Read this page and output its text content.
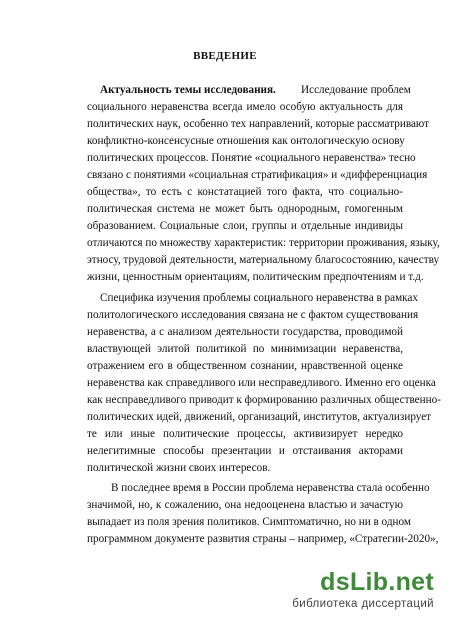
ВВЕДЕНИЕ
Актуальность темы исследования. Исследование проблем
социального неравенства всегда имело особую актуальность для
политических наук, особенно тех направлений, которые рассматривают
конфликтно-консенсусные отношения как онтологическую основу
политических процессов. Понятие «социального неравенства» тесно
связано с понятиями «социальная стратификация» и «дифференциация
общества», то есть с констатацией того факта, что социально-
политическая система не может быть однородным, гомогенным
образованием. Социальные слои, группы и отдельные индивиды
отличаются по множеству характеристик: территории проживания, языку,
этносу, трудовой деятельности, материальному благосостоянию, качеству
жизни, ценностным ориентациям, политическим предпочтениям и т.д.
Специфика изучения проблемы социального неравенства в рамках
политологического исследования связана не с фактом существования
неравенства, а с анализом деятельности государства, проводимой
властвующей элитой политикой по минимизации неравенства,
отражением его в общественном сознании, нравственной оценке
неравенства как справедливого или несправедливого. Именно его оценка
как несправедливого приводит к формированию различных общественно-
политических идей, движений, организаций, институтов, актуализирует
те или иные политические процессы, активизирует нередко
нелегитимные способы презентации и отстаивания акторами
политической жизни своих интересов.
В последнее время в России проблема неравенства стала особенно
значимой, но, к сожалению, она недооценена властью и зачастую
выпадает из поля зрения политиков. Симптоматично, но ни в одном
программном документе развития страны – например, «Стратегии-2020»,
dsLib.net
библиотека диссертаций
